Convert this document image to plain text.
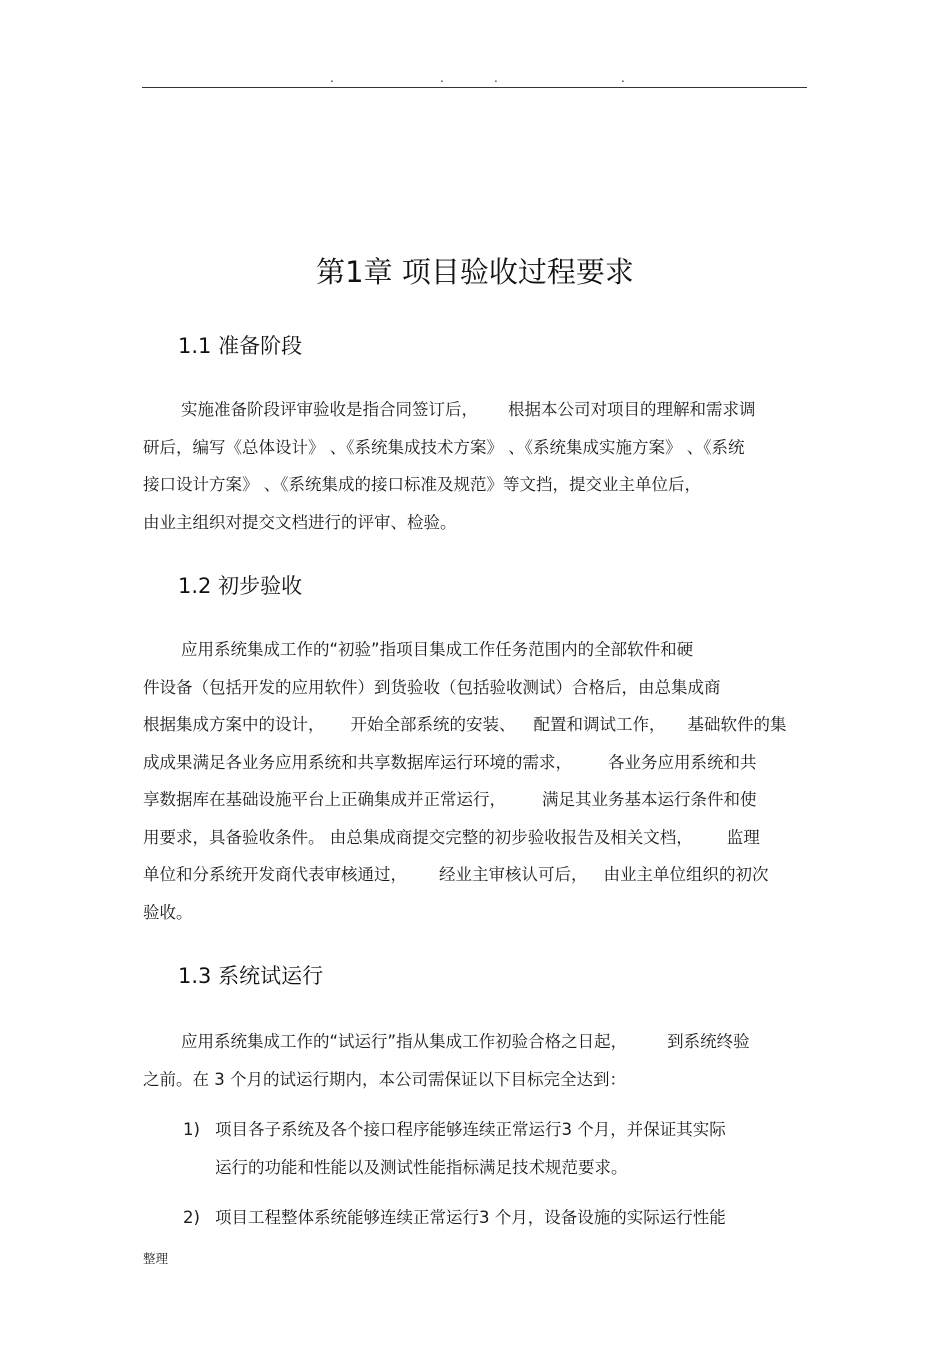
.	.	.	.
第1章 项目验收过程要求
1.1 准备阶段
实施准备阶段评审验收是指合同签订后， 根据本公司对项目的理解和需求调
研后，编写《总体设计》 、《系统集成技术方案》 、《系统集成实施方案》 、《系统
接口设计方案》 、《系统集成的接口标准及规范》等文挡，提交业主单位后，
由业主组织对提交文档进行的评审、检验。
1.2 初步验收
应用系统集成工作的“初验”指项目集成工作任务范围内的全部软件和硬
件设备（包括开发的应用软件）到货验收（包括验收测试）合格后，由总集成商
根据集成方案中的设计， 开始全部系统的安装、 配置和调试工作， 基础软件的集
成成果满足各业务应用系统和共享数据库运行环境的需求， 各业务应用系统和共
享数据库在基础设施平台上正确集成并正常运行， 满足其业务基本运行条件和使
用要求，具备验收条件。 由总集成商提交完整的初步验收报告及相关文档， 监理
单位和分系统开发商代表审核通过， 经业主审核认可后， 由业主单位组织的初次
验收。
1.3 系统试运行
应用系统集成工作的“试运行”指从集成工作初验合格之日起， 到系统终验
之前。在 3 个月的试运行期内，本公司需保证以下目标完全达到：
1) 项目各子系统及各个接口程序能够连续正常运行3 个月，并保证其实际
运行的功能和性能以及测试性能指标满足技术规范要求。
2) 项目工程整体系统能够连续正常运行3 个月，设备设施的实际运行性能
整理
